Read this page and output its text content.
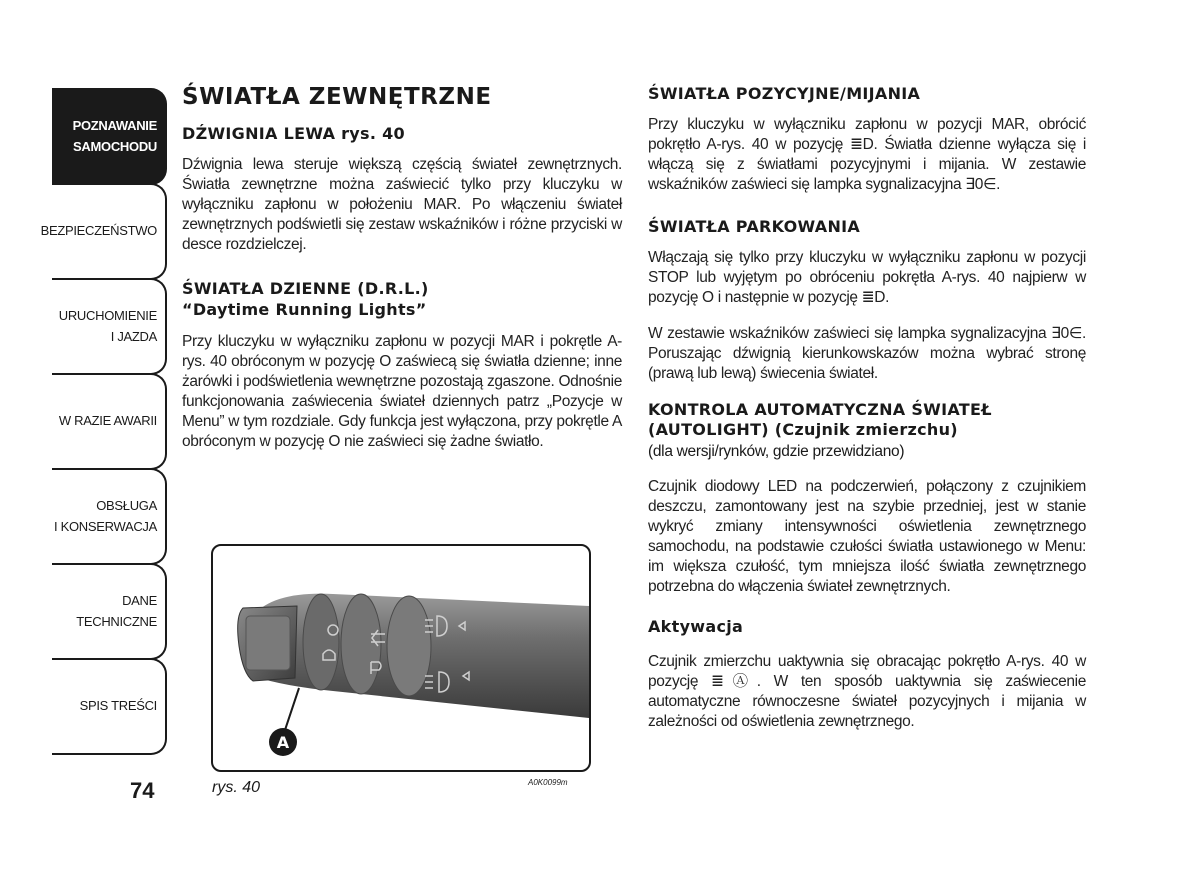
POZNAWANIE
SAMOCHODU
BEZPIECZEŃSTWO
URUCHOMIENIE
I JAZDA
W RAZIE AWARII
OBSŁUGA
I KONSERWACJA
DANE
TECHNICZNE
SPIS TREŚCI
74
ŚWIATŁA ZEWNĘTRZNE
DŹWIGNIA LEWA rys. 40

Dźwignia lewa steruje większą częścią świateł zewnętrznych. Światła zewnętrzne można zaświecić tylko przy kluczyku w wyłączniku zapłonu w położeniu MAR. Po włączeniu świateł zewnętrznych podświetli się zestaw wskaźników i różne przyciski w desce rozdzielczej.

ŚWIATŁA DZIENNE (D.R.L.)
“Daytime Running Lights”

Przy kluczyku w wyłączniku zapłonu w pozycji MAR i pokrętle A-rys. 40 obróconym w pozycję O zaświecą się światła dzienne; inne żarówki i podświetlenia wewnętrzne pozostają zgaszone. Odnośnie funkcjonowania zaświecenia świateł dziennych patrz „Pozycje w Menu” w tym rozdziale. Gdy funkcja jest wyłączona, przy pokrętle A obróconym w pozycję O nie zaświeci się żadne światło.

A
rys. 40	A0K0099m
ŚWIATŁA POZYCYJNE/MIJANIA

Przy kluczyku w wyłączniku zapłonu w pozycji MAR, obrócić pokrętło A-rys. 40 w pozycję ≣D. Światła dzienne wyłącza się i włączą się z światłami pozycyjnymi i mijania. W zestawie wskaźników zaświeci się lampka sygnalizacyjna ∃0∈.

ŚWIATŁA PARKOWANIA

Włączają się tylko przy kluczyku w wyłączniku zapłonu w pozycji STOP lub wyjętym po obróceniu pokrętła A-rys. 40 najpierw w pozycję O i następnie w pozycję ≣D.

W zestawie wskaźników zaświeci się lampka sygnalizacyjna ∃0∈. Poruszając dźwignią kierunkowskazów można wybrać stronę (prawą lub lewą) świecenia świateł.

KONTROLA AUTOMATYCZNA ŚWIATEŁ
(AUTOLIGHT) (Czujnik zmierzchu)
(dla wersji/rynków, gdzie przewidziano)

Czujnik diodowy LED na podczerwień, połączony z czujnikiem deszczu, zamontowany jest na szybie przedniej, jest w stanie wykryć zmiany intensywności oświetlenia zewnętrznego samochodu, na podstawie czułości światła ustawionego w Menu: im większa czułość, tym mniejsza ilość światła zewnętrznego potrzebna do włączenia świateł zewnętrznych.

Aktywacja

Czujnik zmierzchu uaktywnia się obracając pokrętło A-rys. 40 w pozycję ≣Ⓐ. W ten sposób uaktywnia się zaświecenie automatyczne równoczesne świateł pozycyjnych i mijania w zależności od oświetlenia zewnętrznego.
